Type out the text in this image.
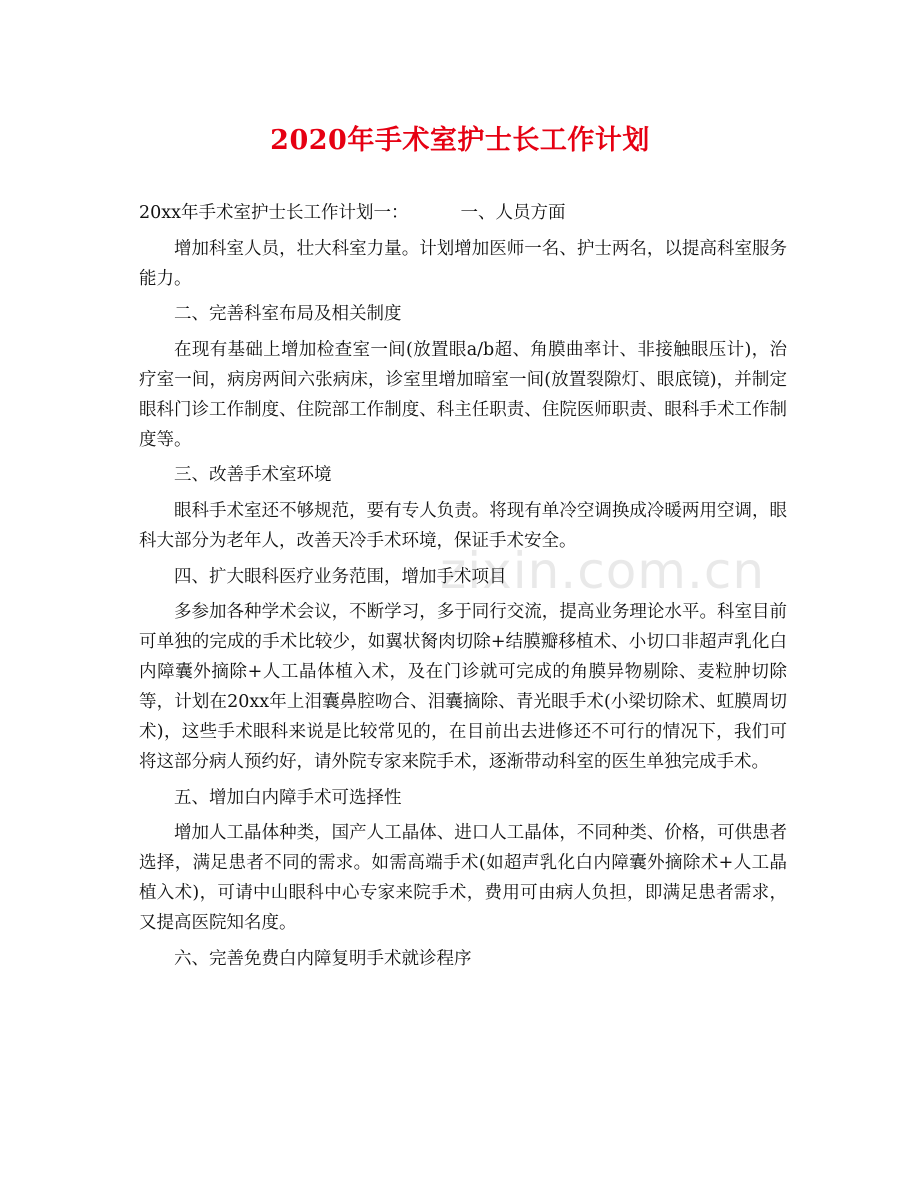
2020年手术室护士长工作计划

20xx年手术室护士长工作计划一：	一、人员方面

增加科室人员，壮大科室力量。计划增加医师一名、护士两名，以提高科室服务能力。

二、完善科室布局及相关制度

在现有基础上增加检查室一间(放置眼a/b超、角膜曲率计、非接触眼压计)，治疗室一间，病房两间六张病床，诊室里增加暗室一间(放置裂隙灯、眼底镜)，并制定眼科门诊工作制度、住院部工作制度、科主任职责、住院医师职责、眼科手术工作制度等。

三、改善手术室环境

眼科手术室还不够规范，要有专人负责。将现有单冷空调换成冷暖两用空调，眼科大部分为老年人，改善天冷手术环境，保证手术安全。

四、扩大眼科医疗业务范围，增加手术项目

多参加各种学术会议，不断学习，多于同行交流，提高业务理论水平。科室目前可单独的完成的手术比较少，如翼状胬肉切除+结膜瓣移植术、小切口非超声乳化白内障囊外摘除+人工晶体植入术，及在门诊就可完成的角膜异物剔除、麦粒肿切除等，计划在20xx年上泪囊鼻腔吻合、泪囊摘除、青光眼手术(小梁切除术、虹膜周切术)，这些手术眼科来说是比较常见的，在目前出去进修还不可行的情况下，我们可将这部分病人预约好，请外院专家来院手术，逐渐带动科室的医生单独完成手术。

五、增加白内障手术可选择性

增加人工晶体种类，国产人工晶体、进口人工晶体，不同种类、价格，可供患者选择，满足患者不同的需求。如需高端手术(如超声乳化白内障囊外摘除术+人工晶植入术)，可请中山眼科中心专家来院手术，费用可由病人负担，即满足患者需求，又提高医院知名度。

六、完善免费白内障复明手术就诊程序

zixin.com.cn
